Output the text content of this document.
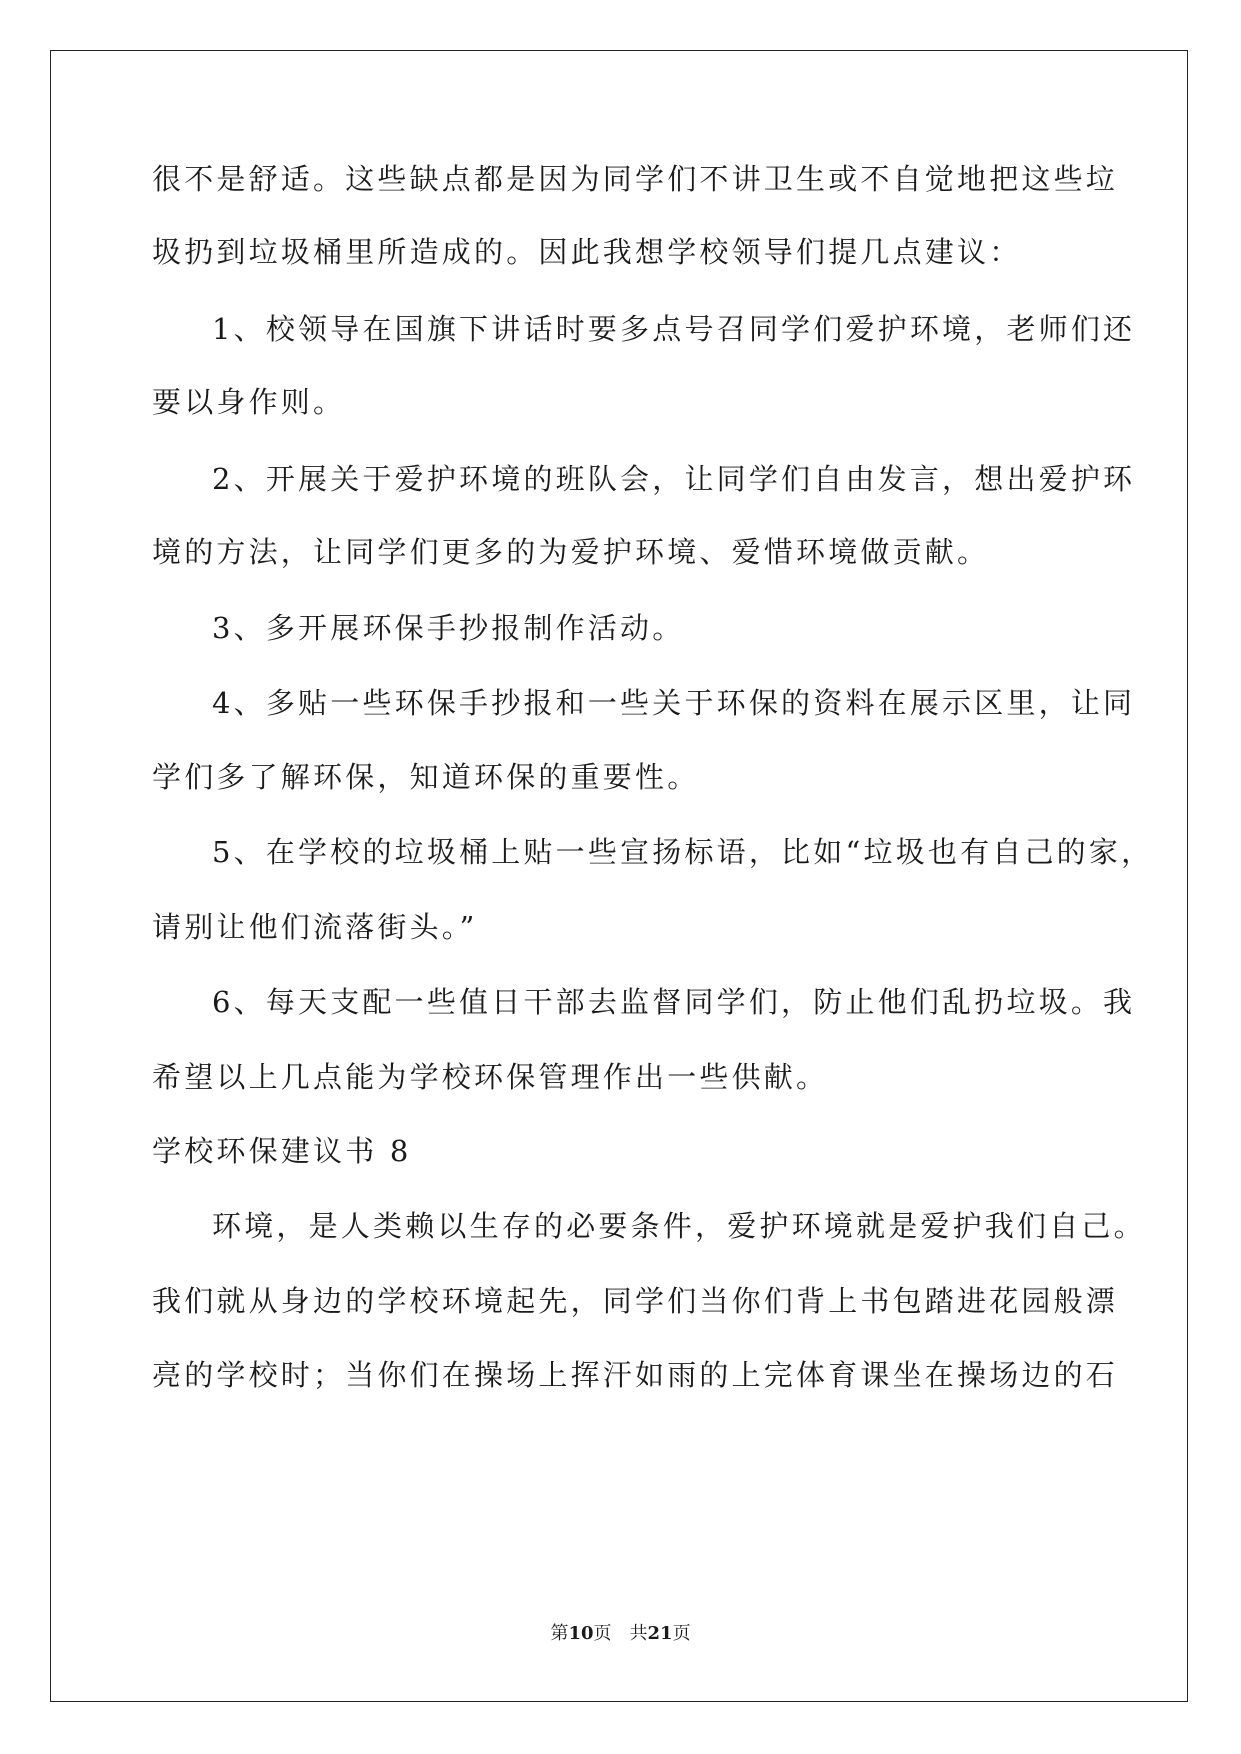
很不是舒适。这些缺点都是因为同学们不讲卫生或不自觉地把这些垃
圾扔到垃圾桶里所造成的。因此我想学校领导们提几点建议：
1、校领导在国旗下讲话时要多点号召同学们爱护环境，老师们还
要以身作则。
2、开展关于爱护环境的班队会，让同学们自由发言，想出爱护环
境的方法，让同学们更多的为爱护环境、爱惜环境做贡献。
3、多开展环保手抄报制作活动。
4、多贴一些环保手抄报和一些关于环保的资料在展示区里，让同
学们多了解环保，知道环保的重要性。
5、在学校的垃圾桶上贴一些宣扬标语，比如“垃圾也有自己的家，
请别让他们流落街头。”
6、每天支配一些值日干部去监督同学们，防止他们乱扔垃圾。我
希望以上几点能为学校环保管理作出一些供献。
学校环保建议书 8
环境，是人类赖以生存的必要条件，爱护环境就是爱护我们自己。
我们就从身边的学校环境起先，同学们当你们背上书包踏进花园般漂
亮的学校时；当你们在操场上挥汗如雨的上完体育课坐在操场边的石
第10页　共21页
